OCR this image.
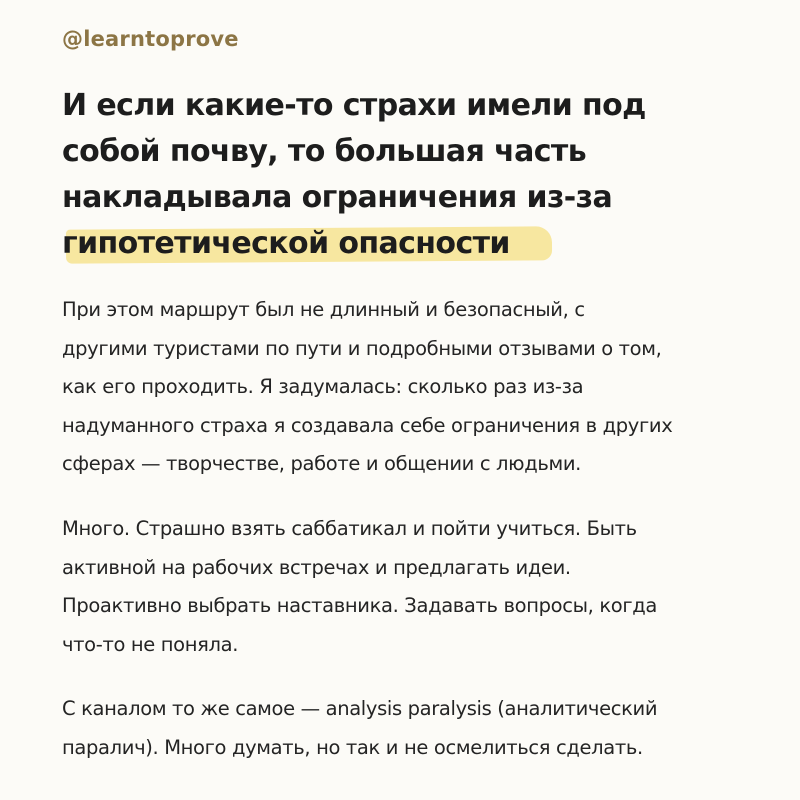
@learntoprove
И если какие-то страхи имели под
собой почву, то большая часть
накладывала ограничения из-за
гипотетической опасности

При этом маршрут был не длинный и безопасный, с
другими туристами по пути и подробными отзывами о том,
как его проходить. Я задумалась: сколько раз из-за
надуманного страха я создавала себе ограничения в других
сферах — творчестве, работе и общении с людьми.

Много. Страшно взять саббатикал и пойти учиться. Быть
активной на рабочих встречах и предлагать идеи.
Проактивно выбрать наставника. Задавать вопросы, когда
что-то не поняла.

С каналом то же самое — analysis paralysis (аналитический
паралич). Много думать, но так и не осмелиться сделать.
